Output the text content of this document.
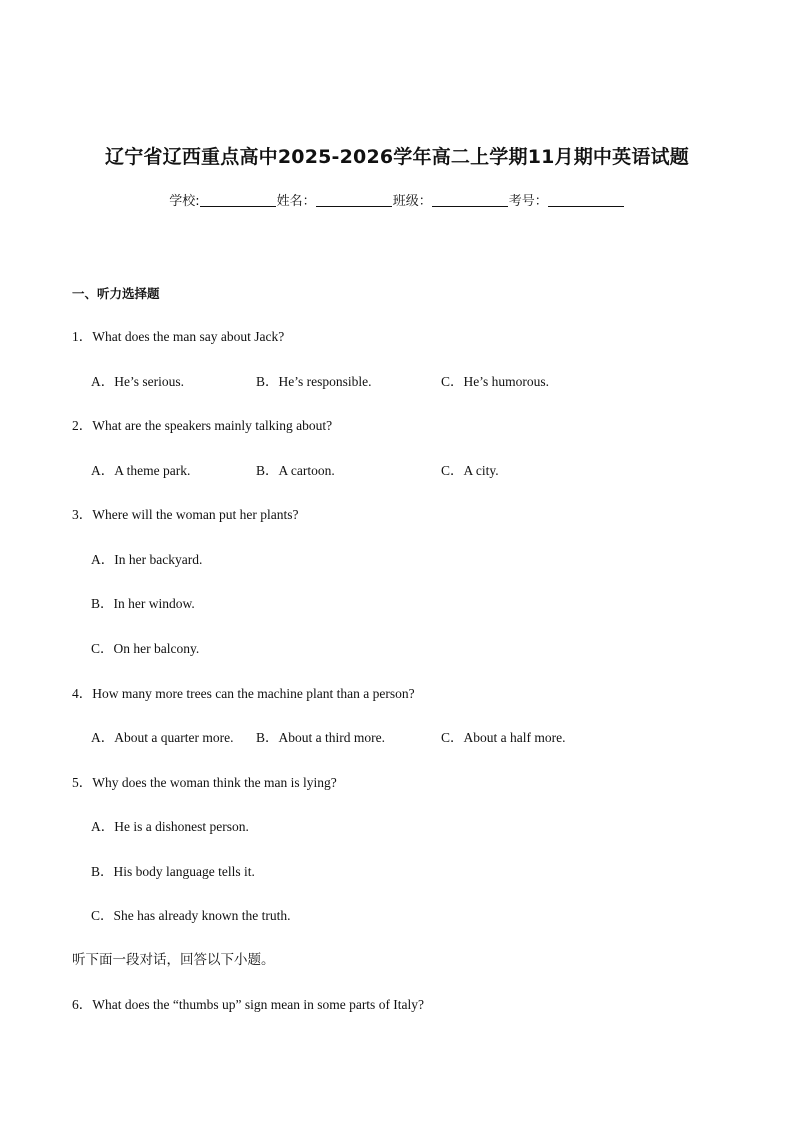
辽宁省辽西重点高中2025-2026学年高二上学期11月期中英语试题
学校:	姓名：	班级：	考号：
一、听力选择题
1．What does the man say about Jack?
A．He’s serious.	B．He’s responsible.	C．He’s humorous.
2．What are the speakers mainly talking about?
A．A theme park.	B．A cartoon.	C．A city.
3．Where will the woman put her plants?
A．In her backyard.
B．In her window.
C．On her balcony.
4．How many more trees can the machine plant than a person?
A．About a quarter more. B．About a third more.	C．About a half more.
5．Why does the woman think the man is lying?
A．He is a dishonest person.
B．His body language tells it.
C．She has already known the truth.
听下面一段对话，回答以下小题。
6．What does the “thumbs up” sign mean in some parts of Italy?
